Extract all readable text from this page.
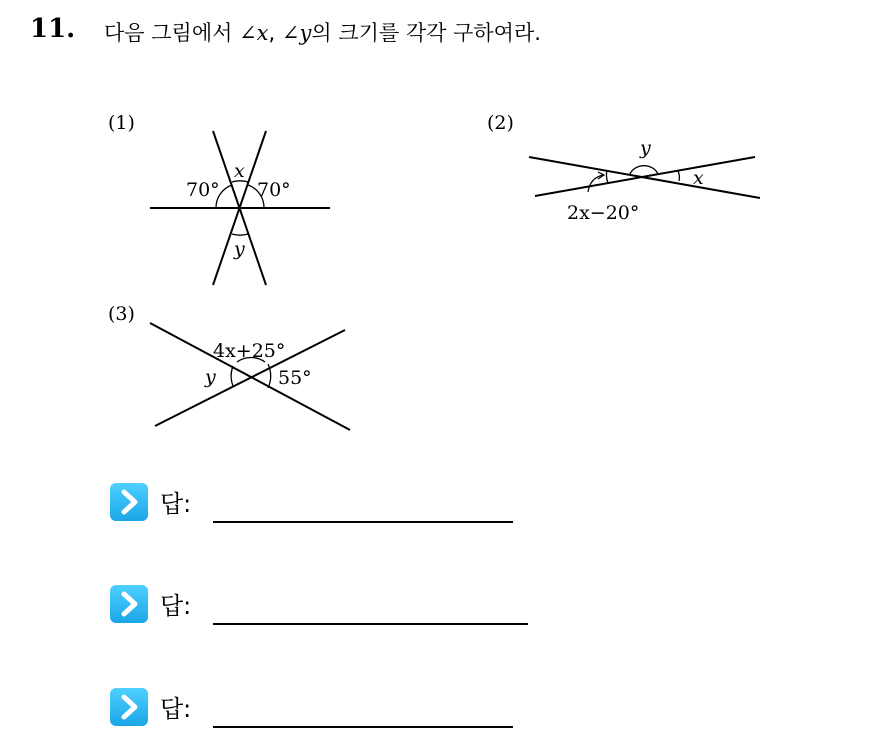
11. 다음 그림에서 ∠x, ∠y의 크기를 각각 구하여라.
(1)
70° 70°
x
y
(2)
y
x
2x−20°
(3)
4x+25°
y	55°
답:
답:
답:
